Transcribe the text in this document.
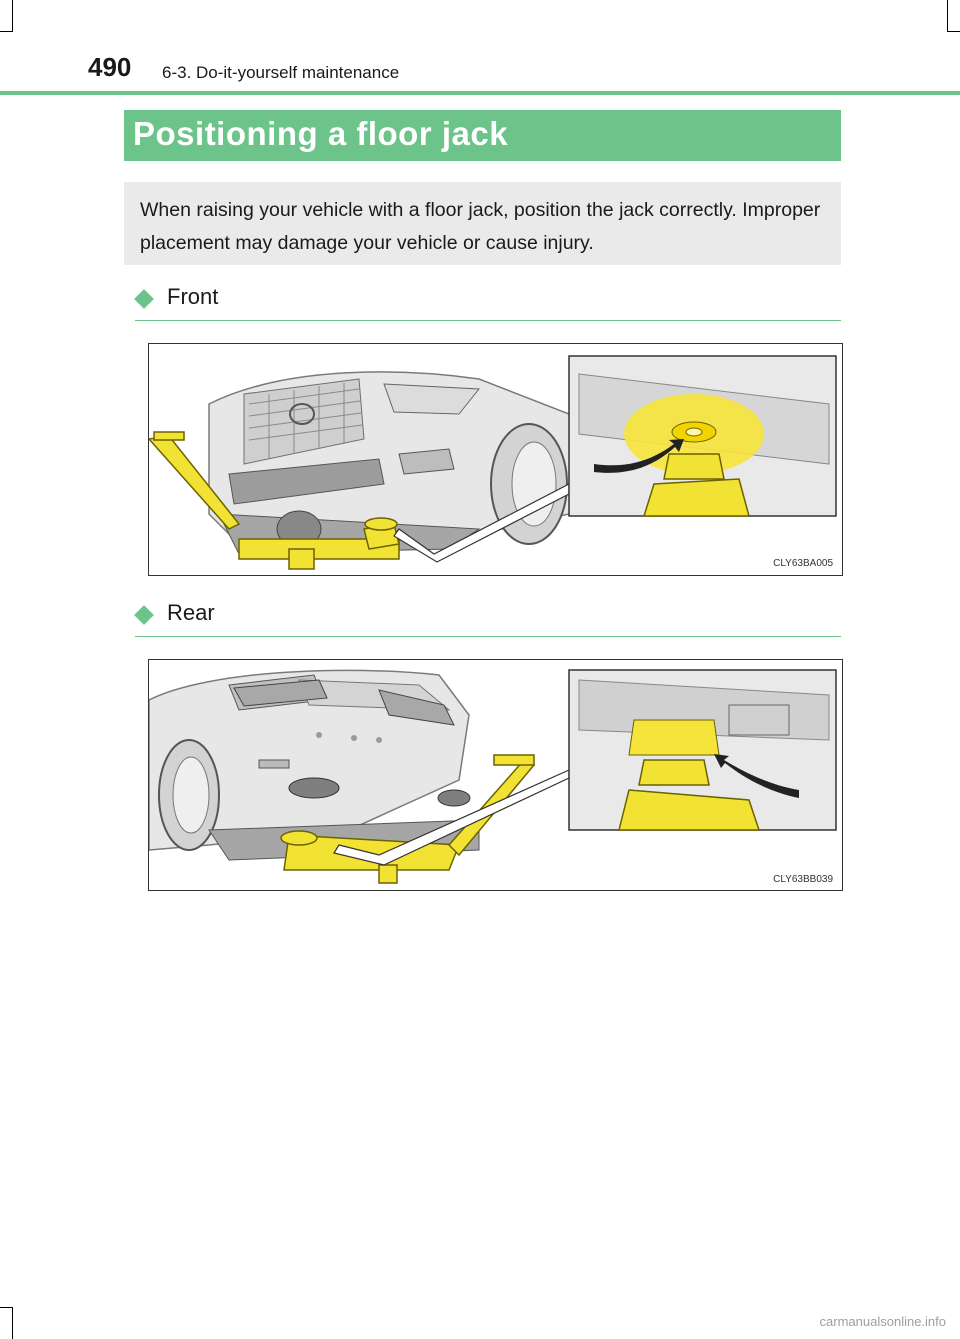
490 6-3. Do-it-yourself maintenance
Positioning a floor jack

When raising your vehicle with a floor jack, position the jack correctly. Improper placement may damage your vehicle or cause injury.

Front
CLY63BA005
Rear
CLY63BB039
carmanualsonline.info
